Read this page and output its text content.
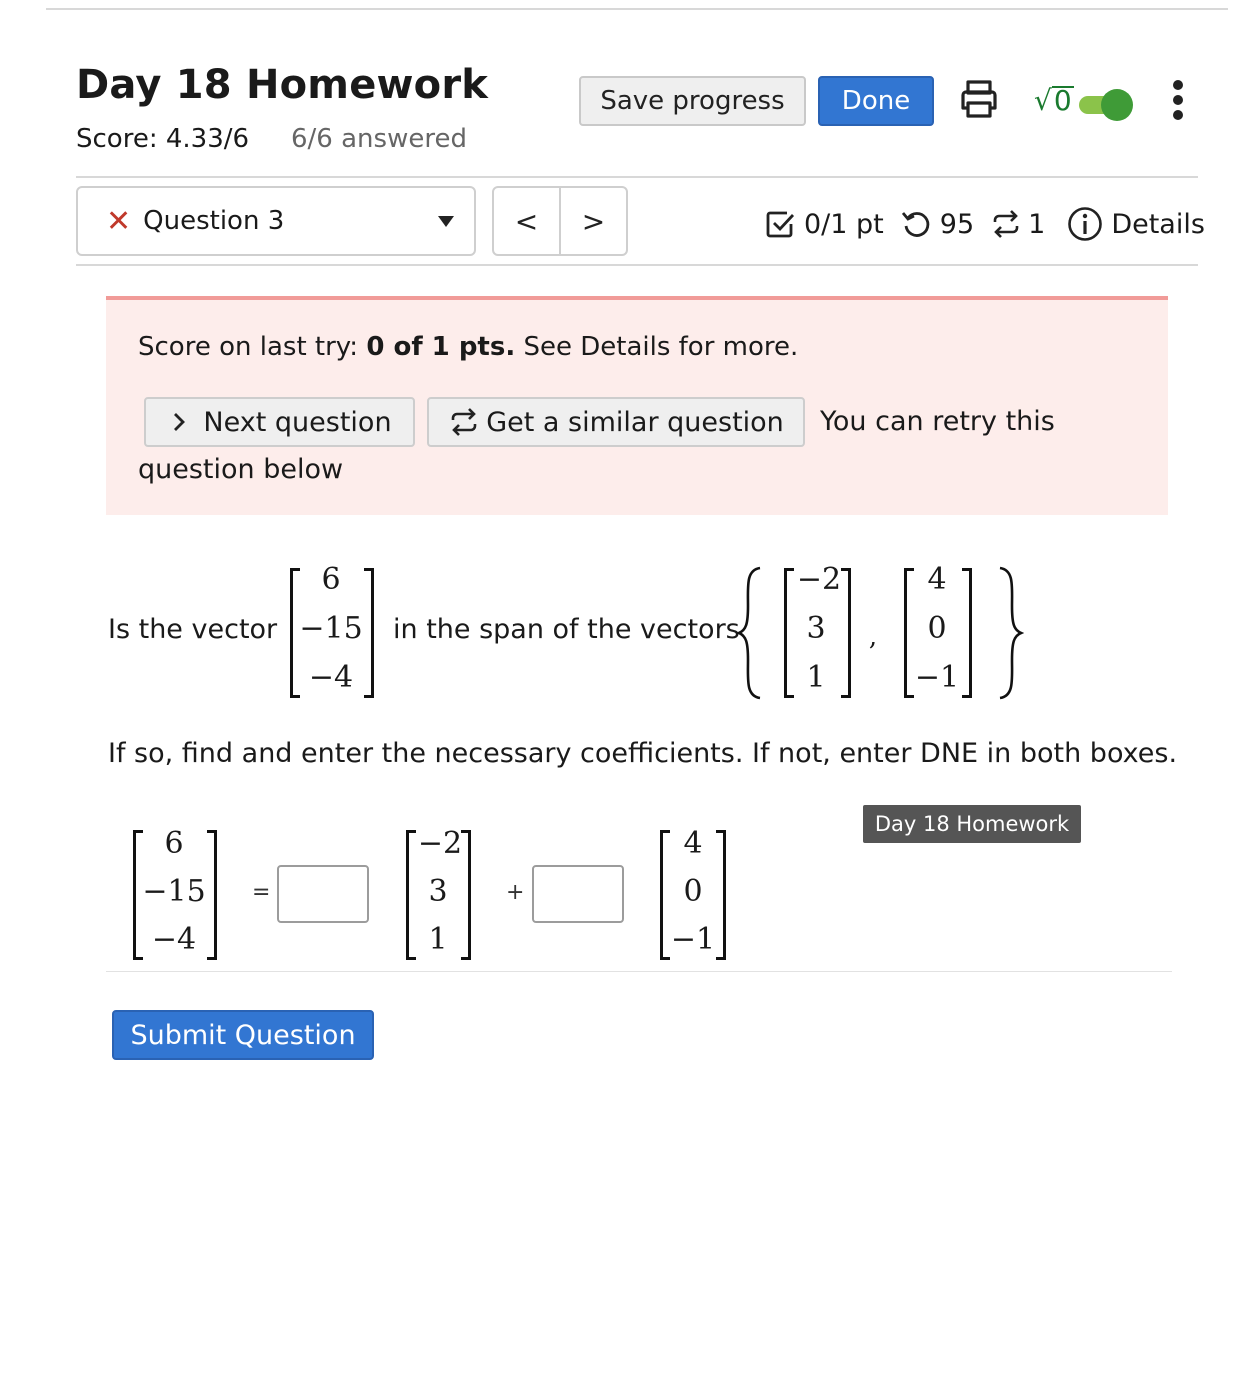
Day 18 Homework
Score: 4.33/6 6/6 answered
Save progress	Done	√0
✕ Question 3	<	>	0/1 pt 95 1 Details
Score on last try: 0 of 1 pts. See Details for more.
Next question	Get a similar question You can retry this
question below
Is the vector
6
−15
−4
in the span of the vectors
−2
3
1
,
4
0
−1
If so, find and enter the necessary coefficients. If not, enter DNE in both boxes.
Day 18 Homework
6
−15
−4
=
−2
3
1
+
4
0
−1
Submit Question
